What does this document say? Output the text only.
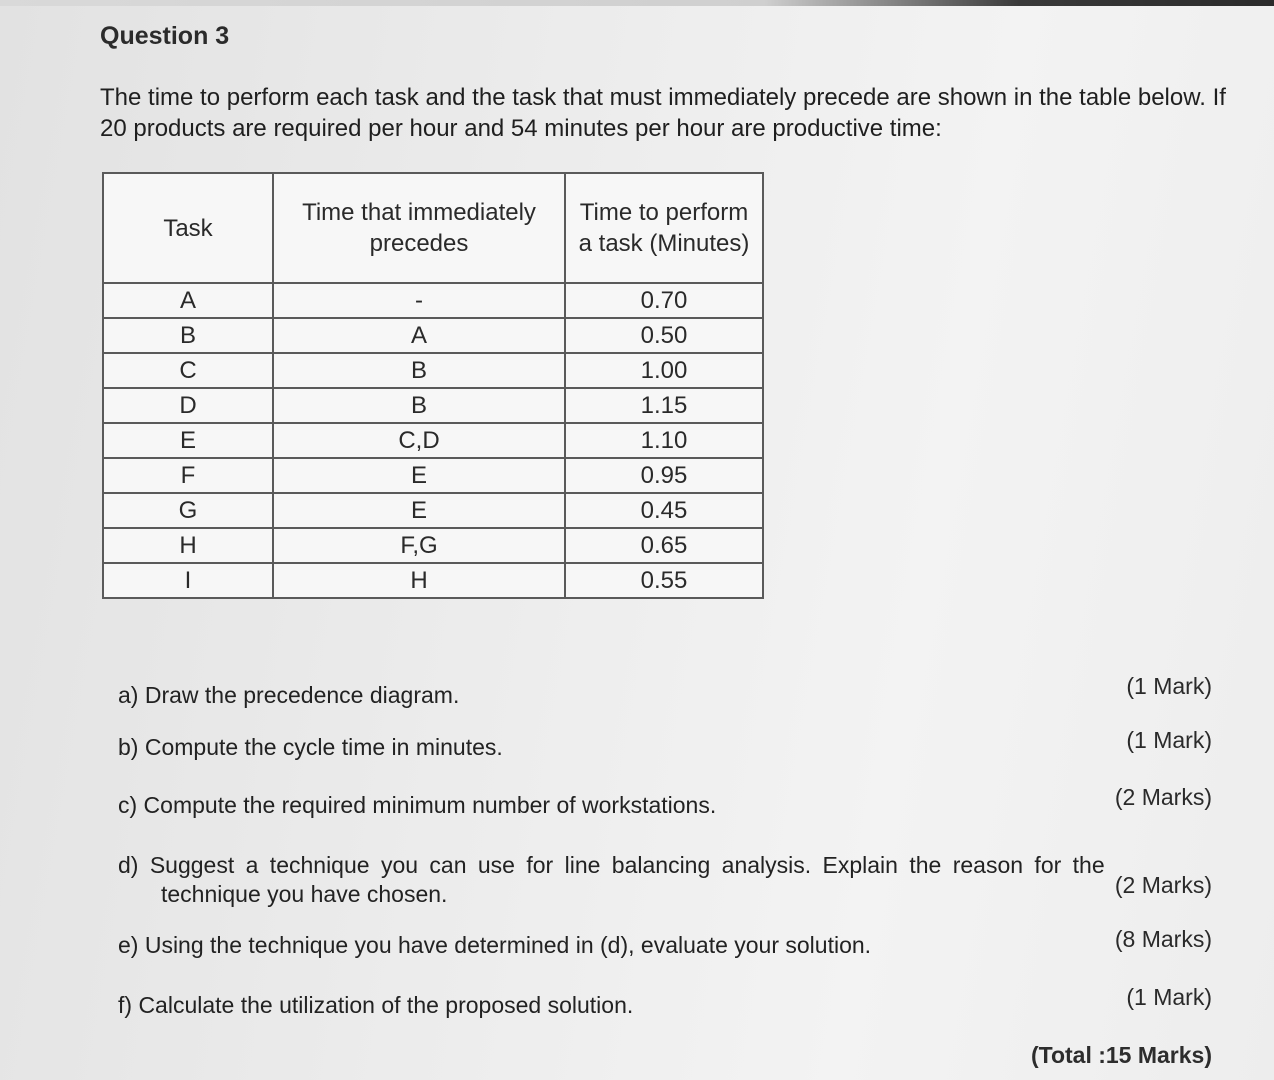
Question 3
The time to perform each task and the task that must immediately precede are shown in the table below. If 20 products are required per hour and 54 minutes per hour are productive time:
Task	Time that immediately precedes	Time to perform a task (Minutes)

A	-	0.70
B	A	0.50
C	B	1.00
D	B	1.15
E	C,D	1.10
F	E	0.95
G	E	0.45
H	F,G	0.65
I	H	0.55
a) Draw the precedence diagram.	(1 Mark)
b) Compute the cycle time in minutes.	(1 Mark)
c) Compute the required minimum number of workstations.	(2 Marks)
d) Suggest a technique you can use for line balancing analysis. Explain the reason for the
technique you have chosen.	(2 Marks)
e) Using the technique you have determined in (d), evaluate your solution.	(8 Marks)
f) Calculate the utilization of the proposed solution.	(1 Mark)
(Total :15 Marks)
